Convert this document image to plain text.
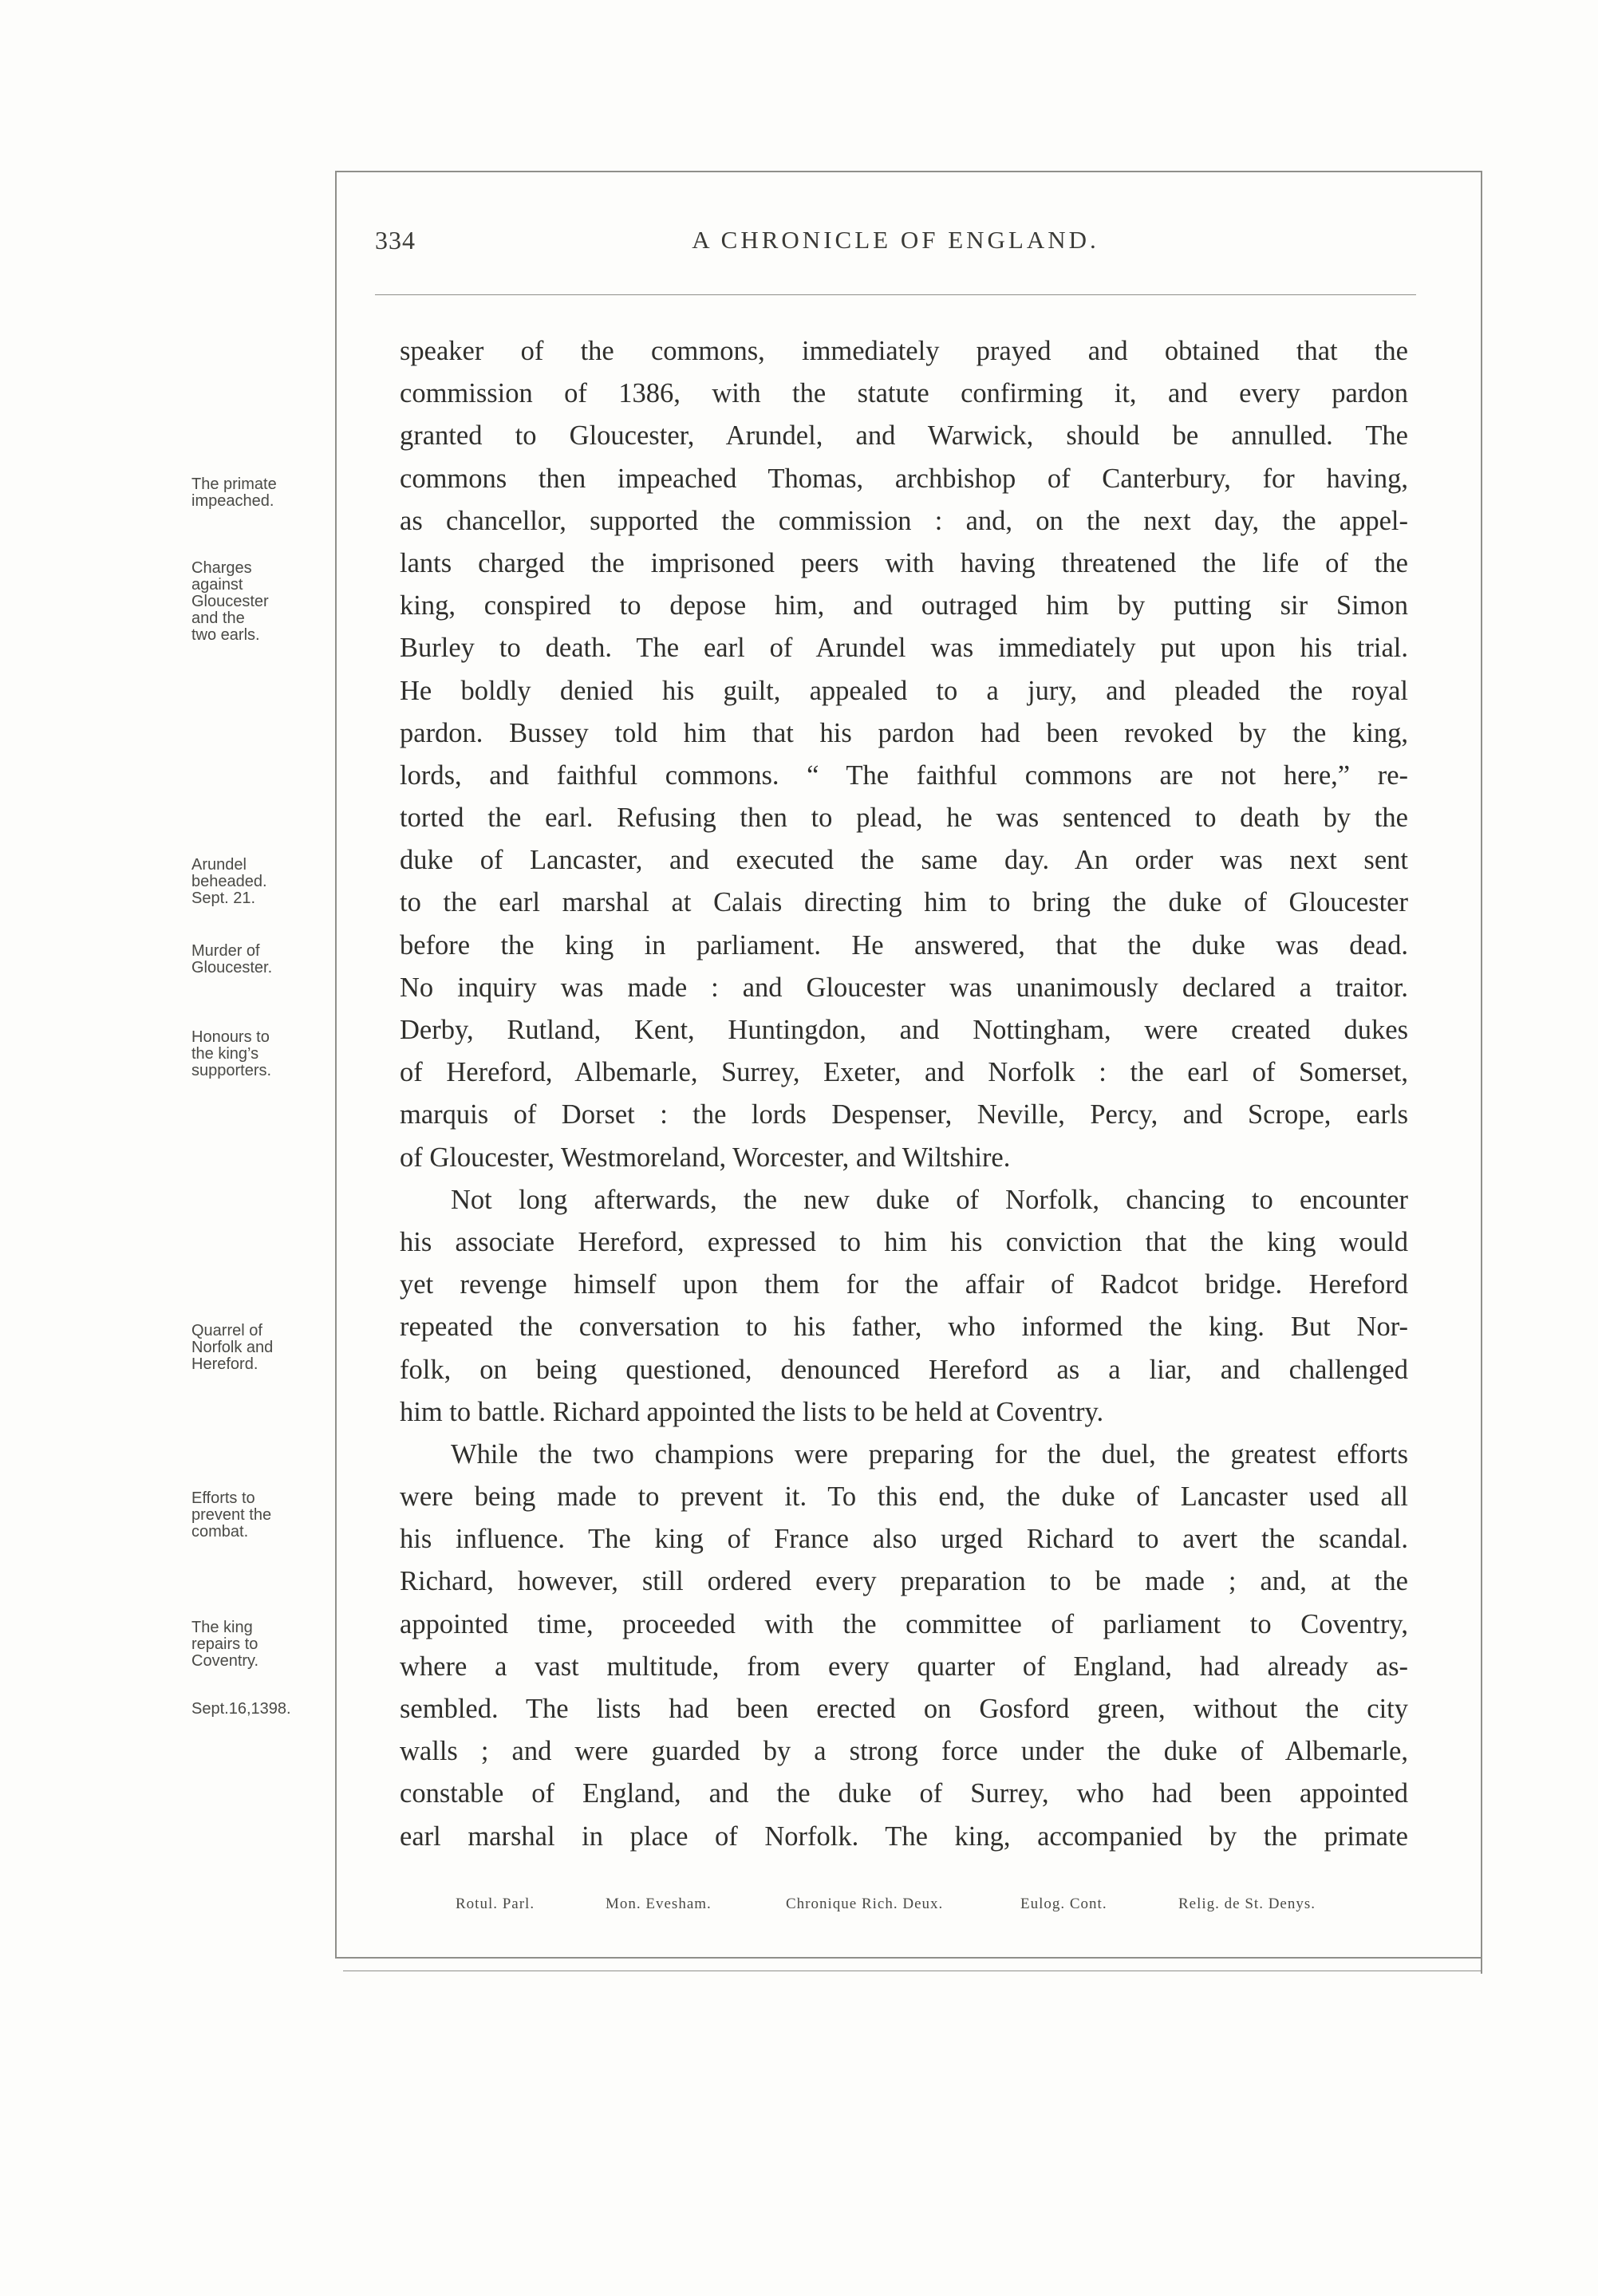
334	A CHRONICLE OF ENGLAND.
The primate
impeached.
Charges
against
Gloucester
and the
two earls.
Arundel
beheaded.
Sept. 21.
Murder of
Gloucester.
Honours to
the king’s
supporters.
Quarrel of
Norfolk and
Hereford.
Efforts to
prevent the
combat.
The king
repairs to
Coventry.
Sept.16,1398.
speaker of the commons, immediately prayed and obtained that the
commission of 1386, with the statute confirming it, and every pardon
granted to Gloucester, Arundel, and Warwick, should be annulled. The
commons then impeached Thomas, archbishop of Canterbury, for having,
as chancellor, supported the commission : and, on the next day, the appel-
lants charged the imprisoned peers with having threatened the life of the
king, conspired to depose him, and outraged him by putting sir Simon
Burley to death. The earl of Arundel was immediately put upon his trial.
He boldly denied his guilt, appealed to a jury, and pleaded the royal
pardon. Bussey told him that his pardon had been revoked by the king,
lords, and faithful commons. “ The faithful commons are not here,” re-
torted the earl. Refusing then to plead, he was sentenced to death by the
duke of Lancaster, and executed the same day. An order was next sent
to the earl marshal at Calais directing him to bring the duke of Gloucester
before the king in parliament. He answered, that the duke was dead.
No inquiry was made : and Gloucester was unanimously declared a traitor.
Derby, Rutland, Kent, Huntingdon, and Nottingham, were created dukes
of Hereford, Albemarle, Surrey, Exeter, and Norfolk : the earl of Somerset,
marquis of Dorset : the lords Despenser, Neville, Percy, and Scrope, earls
of Gloucester, Westmoreland, Worcester, and Wiltshire.
Not long afterwards, the new duke of Norfolk, chancing to encounter
his associate Hereford, expressed to him his conviction that the king would
yet revenge himself upon them for the affair of Radcot bridge. Hereford
repeated the conversation to his father, who informed the king. But Nor-
folk, on being questioned, denounced Hereford as a liar, and challenged
him to battle. Richard appointed the lists to be held at Coventry.
While the two champions were preparing for the duel, the greatest efforts
were being made to prevent it. To this end, the duke of Lancaster used all
his influence. The king of France also urged Richard to avert the scandal.
Richard, however, still ordered every preparation to be made ; and, at the
appointed time, proceeded with the committee of parliament to Coventry,
where a vast multitude, from every quarter of England, had already as-
sembled. The lists had been erected on Gosford green, without the city
walls ; and were guarded by a strong force under the duke of Albemarle,
constable of England, and the duke of Surrey, who had been appointed
earl marshal in place of Norfolk. The king, accompanied by the primate
Rotul. Parl.	Mon. Evesham.	Chronique Rich. Deux.	Eulog. Cont.	Relig. de St. Denys.
